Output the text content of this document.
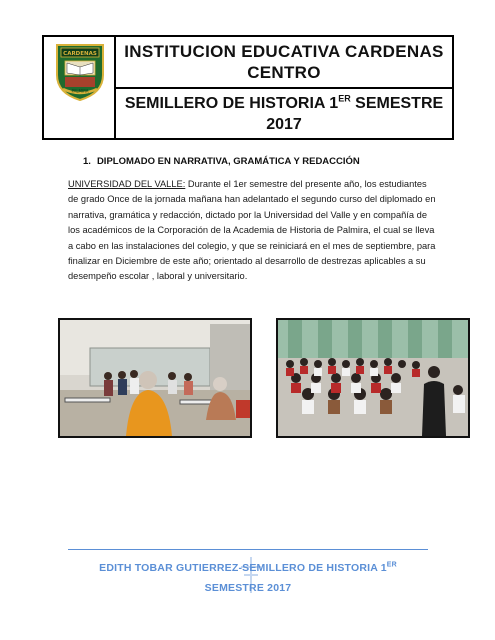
CARDENAS
PALMIRA
INSTITUCION EDUCATIVA CARDENAS CENTRO
SEMILLERO DE HISTORIA 1ER SEMESTRE
2017
1. DIPLOMADO EN NARRATIVA, GRAMÁTICA Y REDACCIÓN
UNIVERSIDAD DEL VALLE: Durante el 1er semestre del presente año, los estudiantes de grado Once de la jornada mañana han adelantado el segundo curso del diplomado en narrativa, gramática y redacción, dictado por la Universidad del Valle y en compañía de los académicos de la Corporación de la Academia de Historia de Palmira, el cual se lleva a cabo en las instalaciones del colegio, y que se reiniciará en el mes de septiembre, para finalizar en Diciembre de este año; orientado al desarrollo de destrezas aplicables a su desempeño escolar , laboral y universitario.
EDITH TOBAR GUTIERREZ-SEMILLERO DE HISTORIA 1ER
SEMESTRE 2017
